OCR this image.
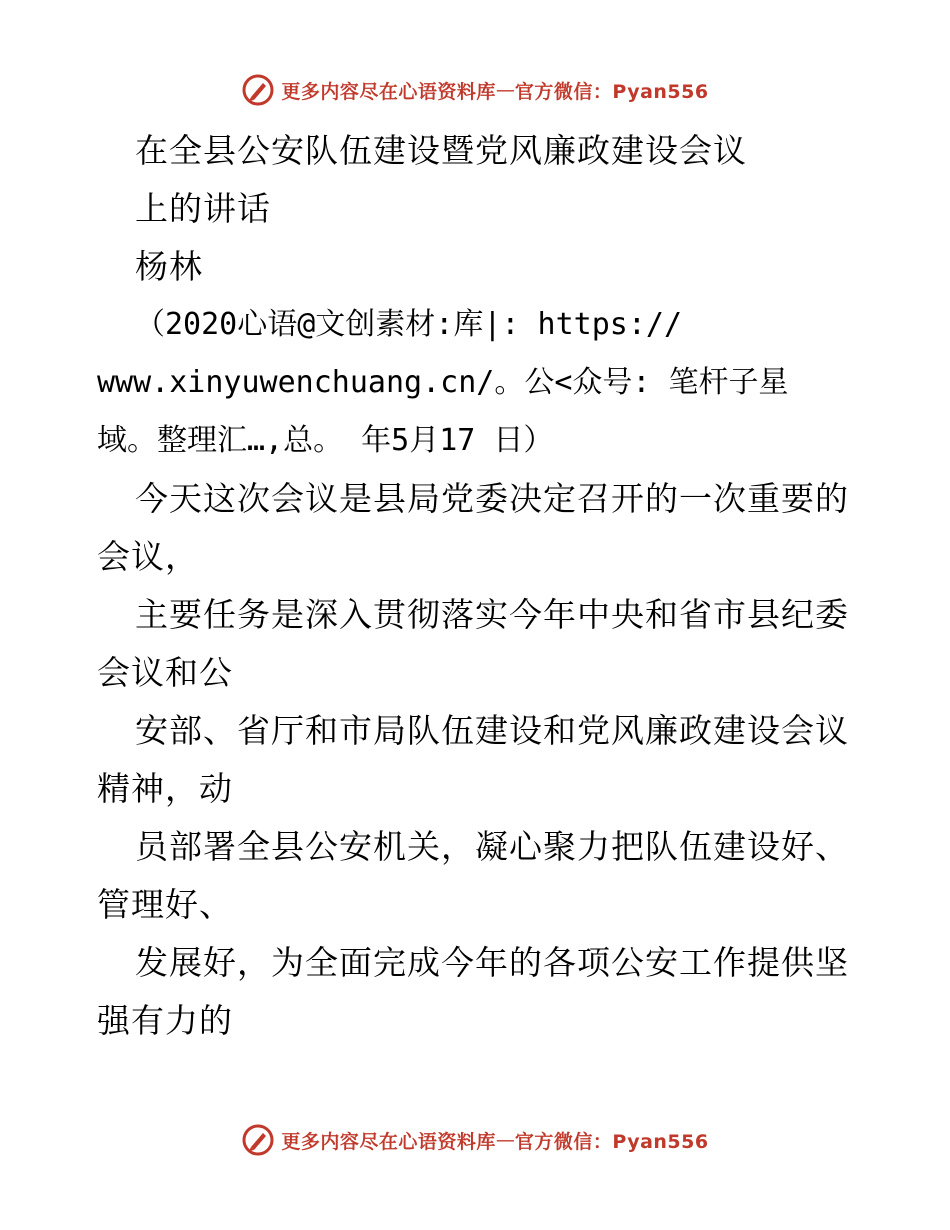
更多内容尽在心语资料库 — 官方微信：Pyan556
在全县公安队伍建设暨党风廉政建设会议
上的讲话
杨林
（2020心语@文创素材:库|: https://
www.xinyuwenchuang.cn/。公<众号: 笔杆子星
域。整理汇…,总。 年5月17 日）
今天这次会议是县局党委决定召开的一次重要的
会议，
主要任务是深入贯彻落实今年中央和省市县纪委
会议和公
安部、省厅和市局队伍建设和党风廉政建设会议
精神，动
员部署全县公安机关，凝心聚力把队伍建设好、
管理好、
发展好，为全面完成今年的各项公安工作提供坚
强有力的
更多内容尽在心语资料库 — 官方微信：Pyan556
